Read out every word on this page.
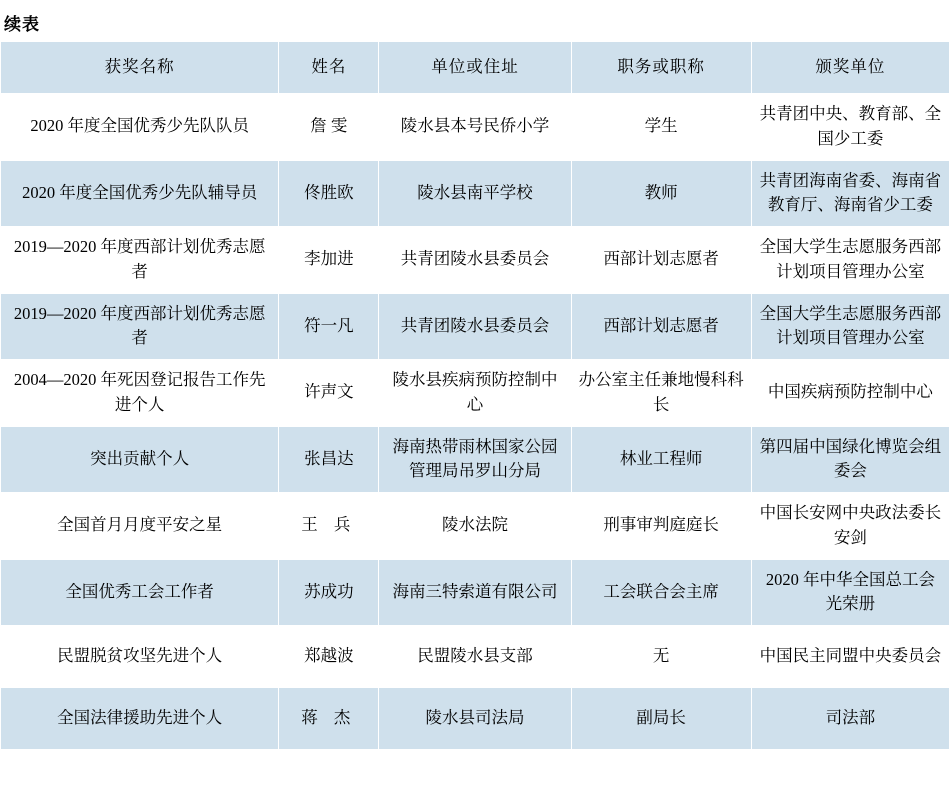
续表
获奖名称	姓名	单位或住址	职务或职称	颁奖单位
2020 年度全国优秀少先队队员	詹 雯	陵水县本号民侨小学	学生	共青团中央、教育部、全国少工委
2020 年度全国优秀少先队辅导员	佟胜欧	陵水县南平学校	教师	共青团海南省委、海南省教育厅、海南省少工委
2019—2020 年度西部计划优秀志愿者	李加进	共青团陵水县委员会	西部计划志愿者	全国大学生志愿服务西部计划项目管理办公室
2019—2020 年度西部计划优秀志愿者	符一凡	共青团陵水县委员会	西部计划志愿者	全国大学生志愿服务西部计划项目管理办公室
2004—2020 年死因登记报告工作先进个人	许声文	陵水县疾病预防控制中心	办公室主任兼地慢科科长	中国疾病预防控制中心
突出贡献个人	张昌达	海南热带雨林国家公园管理局吊罗山分局	林业工程师	第四届中国绿化博览会组委会
全国首月月度平安之星	王 兵	陵水法院	刑事审判庭庭长	中国长安网中央政法委长安剑
全国优秀工会工作者	苏成功	海南三特索道有限公司	工会联合会主席	2020 年中华全国总工会光荣册
民盟脱贫攻坚先进个人	郑越波	民盟陵水县支部	无	中国民主同盟中央委员会
全国法律援助先进个人	蒋 杰	陵水县司法局	副局长	司法部
